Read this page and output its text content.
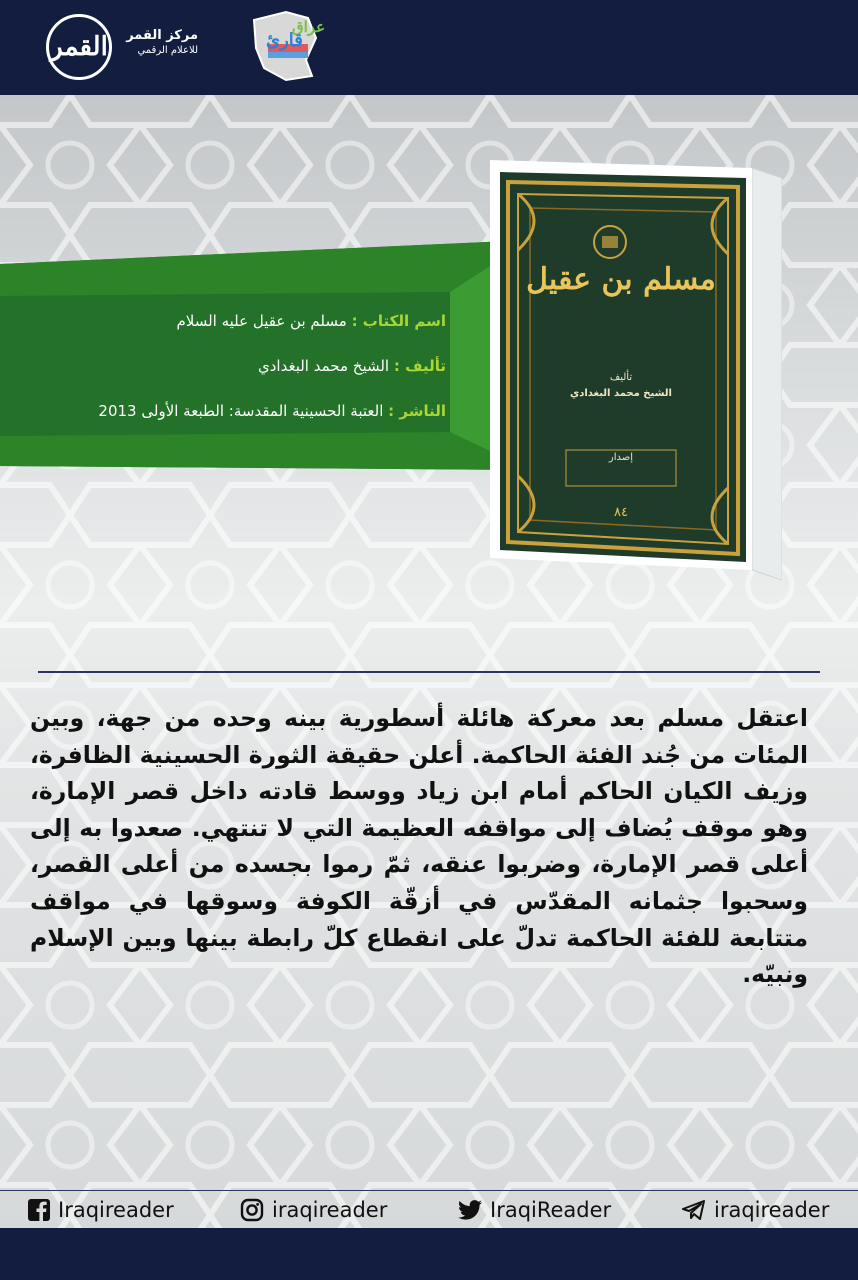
القمر	مركز القمر
للاعلام الرقمي
عراق
قارئ
اسم الكتاب : مسلم بن عقيل عليه السلام
تأليف : الشيخ محمد البغدادي
الناشر : العتبة الحسينية المقدسة: الطبعة الأولى 2013
مسلم بن عقيل
تأليف
الشيخ محمد البغدادي
إصدار
٨٤
اعتقل مسلم بعد معركة هائلة أسطورية بينه وحده من جهة، وبين المئات من جُند الفئة الحاكمة. أعلن حقيقة الثورة الحسينية الظافرة، وزيف الكيان الحاكم أمام ابن زياد ووسط قادته داخل قصر الإمارة، وهو موقف يُضاف إلى مواقفه العظيمة التي لا تنتهي. صعدوا به إلى أعلى قصر الإمارة، وضربوا عنقه، ثمّ رموا بجسده من أعلى القصر، وسحبوا جثمانه المقدّس في أزقّة الكوفة وسوقها في مواقف متتابعة للفئة الحاكمة تدلّ على انقطاع كلّ رابطة بينها وبين الإسلام ونبيّه.
Iraqireader	iraqireader	IraqiReader	iraqireader
